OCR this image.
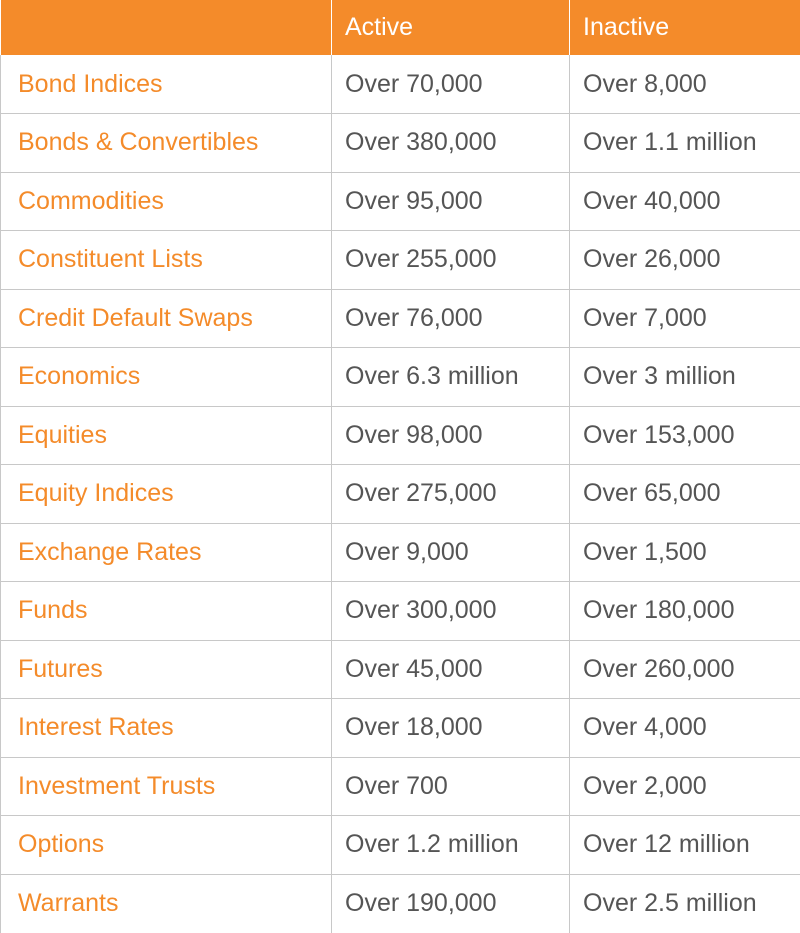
	Active	Inactive
Bond Indices	Over 70,000	Over 8,000
Bonds & Convertibles	Over 380,000	Over 1.1 million
Commodities	Over 95,000	Over 40,000
Constituent Lists	Over 255,000	Over 26,000
Credit Default Swaps	Over 76,000	Over 7,000
Economics	Over 6.3 million	Over 3 million
Equities	Over 98,000	Over 153,000
Equity Indices	Over 275,000	Over 65,000
Exchange Rates	Over 9,000	Over 1,500
Funds	Over 300,000	Over 180,000
Futures	Over 45,000	Over 260,000
Interest Rates	Over 18,000	Over 4,000
Investment Trusts	Over 700	Over 2,000
Options	Over 1.2 million	Over 12 million
Warrants	Over 190,000	Over 2.5 million
